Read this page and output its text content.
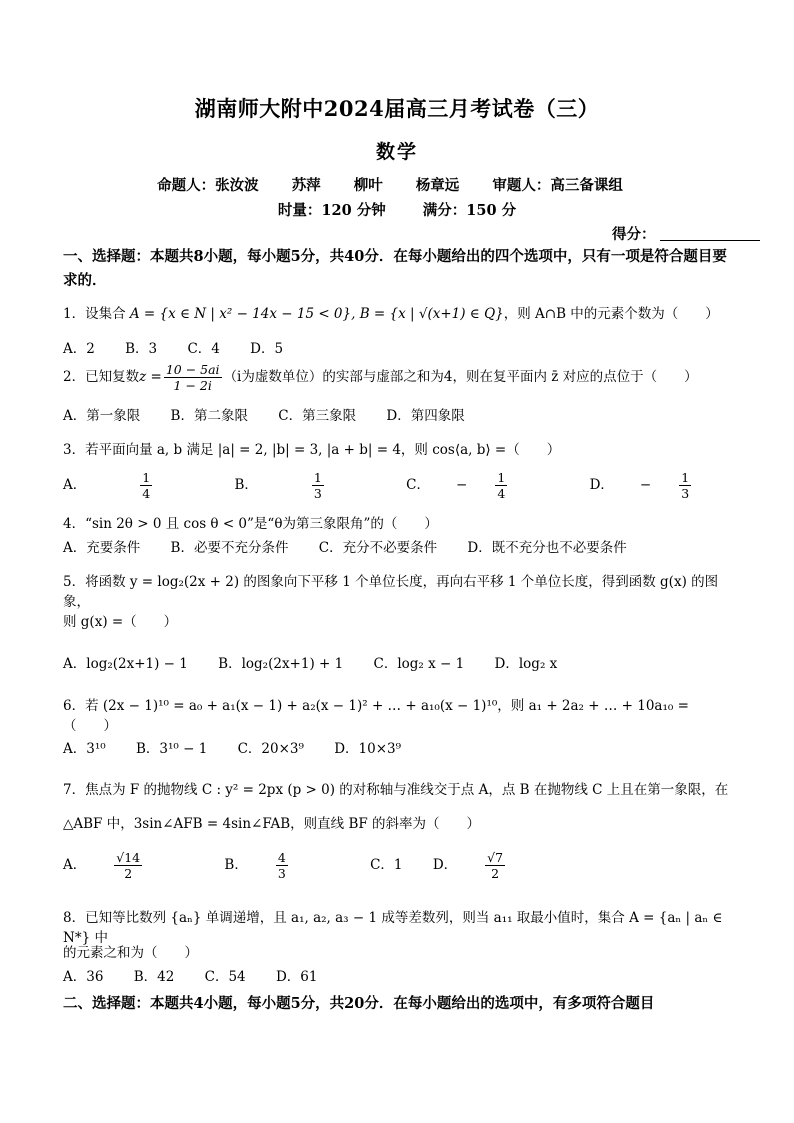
湖南师大附中2024届高三月考试卷（三）
数学
命题人：张汝波 苏萍 柳叶 杨章远 审题人：高三备课组
时量：120 分钟	满分：150 分
得分：
一、选择题：本题共8小题，每小题5分，共40分．在每小题给出的四个选项中，只有一项是符合题目要求的．
1．设集合 A = {x ∈ N | x² − 14x − 15 < 0}, B = {x | √(x+1) ∈ Q}，则 A∩B 中的元素个数为（　　）
A．2 B．3 C．4 D．5
2．已知复数$z = \frac{10 - 5ai}{1 - 2i} (i$为虚数单位）的实部与虚部之和为4，则在复平面内 z̄ 对应的点位于（　　）
A．第一象限 B．第二象限 C．第三象限 D．第四象限
3．若平面向量 a, b 满足 |a| = 2, |b| = 3, |a + b| = 4，则 cos⟨a, b⟩ =（　　）
A．	$\frac{1}{4}$	B．	$\frac{1}{3}$	C． − $\frac{1}{4}$	D． − $\frac{1}{3}$
4．“sin 2θ > 0 且 cos θ < 0”是“θ为第三象限角”的（　　）
A．充要条件 B．必要不充分条件 C．充分不必要条件 D．既不充分也不必要条件
5．将函数 y = log₂(2x + 2) 的图象向下平移 1 个单位长度，再向右平移 1 个单位长度，得到函数 g(x) 的图象，
则 g(x) =（　　）
A．log₂(2x+1) − 1 B．log₂(2x+1) + 1 C．log₂ x − 1 D．log₂ x
6．若 (2x − 1)¹⁰ = a₀ + a₁(x − 1) + a₂(x − 1)² + … + a₁₀(x − 1)¹⁰，则 a₁ + 2a₂ + … + 10a₁₀ =（　　）
A．3¹⁰ B．3¹⁰ − 1 C．20×3⁹ D．10×3⁹
7．焦点为 F 的抛物线 C : y² = 2px (p > 0) 的对称轴与准线交于点 A，点 B 在抛物线 C 上且在第一象限，在
△ABF 中，3sin∠AFB = 4sin∠FAB，则直线 BF 的斜率为（　　）
A． $\frac{√14}{2}$	B． $\frac{4}{3}$	C．1 D． $\frac{√7}{2}$
8．已知等比数列 {aₙ} 单调递增，且 a₁, a₂, a₃ − 1 成等差数列，则当 a₁₁ 取最小值时，集合 A = {aₙ | aₙ ∈ N*} 中
的元素之和为（　　）
A．36 B．42 C．54 D．61
二、选择题：本题共4小题，每小题5分，共20分．在每小题给出的选项中，有多项符合题目
